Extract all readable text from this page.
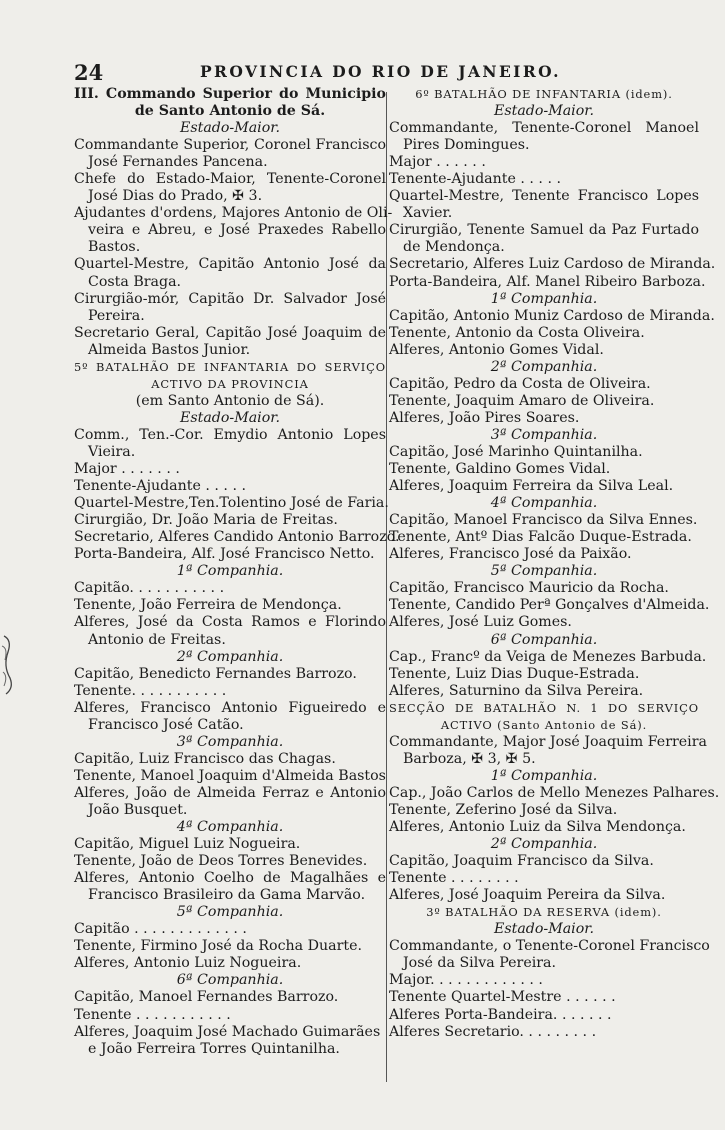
24	PROVINCIA DO RIO DE JANEIRO.
III. Commando Superior do Municipio
de Santo Antonio de Sá.
Estado-Maior.
Commandante Superior, Coronel Francisco
José Fernandes Pancena.
Chefe do Estado-Maior, Tenente-Coronel
José Dias do Prado, ✠ 3.
Ajudantes d'ordens, Majores Antonio de Oli-
veira e Abreu, e José Praxedes Rabello
Bastos.
Quartel-Mestre, Capitão Antonio José da
Costa Braga.
Cirurgião-mór, Capitão Dr. Salvador José
Pereira.
Secretario Geral, Capitão José Joaquim de
Almeida Bastos Junior.
5º BATALHÃO DE INFANTARIA DO SERVIÇO
ACTIVO DA PROVINCIA
(em Santo Antonio de Sá).
Estado-Maior.
Comm., Ten.-Cor. Emydio Antonio Lopes
Vieira.
Major . . . . . . .
Tenente-Ajudante . . . . .
Quartel-Mestre,Ten.Tolentino José de Faria.
Cirurgião, Dr. João Maria de Freitas.
Secretario, Alferes Candido Antonio Barrozo.
Porta-Bandeira, Alf. José Francisco Netto.
1ª Companhia.
Capitão. . . . . . . . . . .
Tenente, João Ferreira de Mendonça.
Alferes, José da Costa Ramos e Florindo
Antonio de Freitas.
2ª Companhia.
Capitão, Benedicto Fernandes Barrozo.
Tenente. . . . . . . . . . .
Alferes, Francisco Antonio Figueiredo e
Francisco José Catão.
3ª Companhia.
Capitão, Luiz Francisco das Chagas.
Tenente, Manoel Joaquim d'Almeida Bastos
Alferes, João de Almeida Ferraz e Antonio
João Busquet.
4ª Companhia.
Capitão, Miguel Luiz Nogueira.
Tenente, João de Deos Torres Benevides.
Alferes, Antonio Coelho de Magalhães e
Francisco Brasileiro da Gama Marvão.
5ª Companhia.
Capitão . . . . . . . . . . . . .
Tenente, Firmino José da Rocha Duarte.
Alferes, Antonio Luiz Nogueira.
6ª Companhia.
Capitão, Manoel Fernandes Barrozo.
Tenente . . . . . . . . . . .
Alferes, Joaquim José Machado Guimarães
e João Ferreira Torres Quintanilha.
6º BATALHÃO DE INFANTARIA (idem).
Estado-Maior.
Commandante, Tenente-Coronel Manoel
Pires Domingues.
Major . . . . . .
Tenente-Ajudante . . . . .
Quartel-Mestre, Tenente Francisco Lopes
Xavier.
Cirurgião, Tenente Samuel da Paz Furtado
de Mendonça.
Secretario, Alferes Luiz Cardoso de Miranda.
Porta-Bandeira, Alf. Manel Ribeiro Barboza.
1ª Companhia.
Capitão, Antonio Muniz Cardoso de Miranda.
Tenente, Antonio da Costa Oliveira.
Alferes, Antonio Gomes Vidal.
2ª Companhia.
Capitão, Pedro da Costa de Oliveira.
Tenente, Joaquim Amaro de Oliveira.
Alferes, João Pires Soares.
3ª Companhia.
Capitão, José Marinho Quintanilha.
Tenente, Galdino Gomes Vidal.
Alferes, Joaquim Ferreira da Silva Leal.
4ª Companhia.
Capitão, Manoel Francisco da Silva Ennes.
Tenente, Antº Dias Falcão Duque-Estrada.
Alferes, Francisco José da Paixão.
5ª Companhia.
Capitão, Francisco Mauricio da Rocha.
Tenente, Candido Perª Gonçalves d'Almeida.
Alferes, José Luiz Gomes.
6ª Companhia.
Cap., Francº da Veiga de Menezes Barbuda.
Tenente, Luiz Dias Duque-Estrada.
Alferes, Saturnino da Silva Pereira.
SECÇÃO DE BATALHÃO N. 1 DO SERVIÇO
ACTIVO (Santo Antonio de Sá).
Commandante, Major José Joaquim Ferreira
Barboza, ✠ 3, ✠ 5.
1ª Companhia.
Cap., João Carlos de Mello Menezes Palhares.
Tenente, Zeferino José da Silva.
Alferes, Antonio Luiz da Silva Mendonça.
2ª Companhia.
Capitão, Joaquim Francisco da Silva.
Tenente . . . . . . . .
Alferes, José Joaquim Pereira da Silva.
3º BATALHÃO DA RESERVA (idem).
Estado-Maior.
Commandante, o Tenente-Coronel Francisco
José da Silva Pereira.
Major. . . . . . . . . . . . .
Tenente Quartel-Mestre . . . . . .
Alferes Porta-Bandeira. . . . . . .
Alferes Secretario. . . . . . . . .
